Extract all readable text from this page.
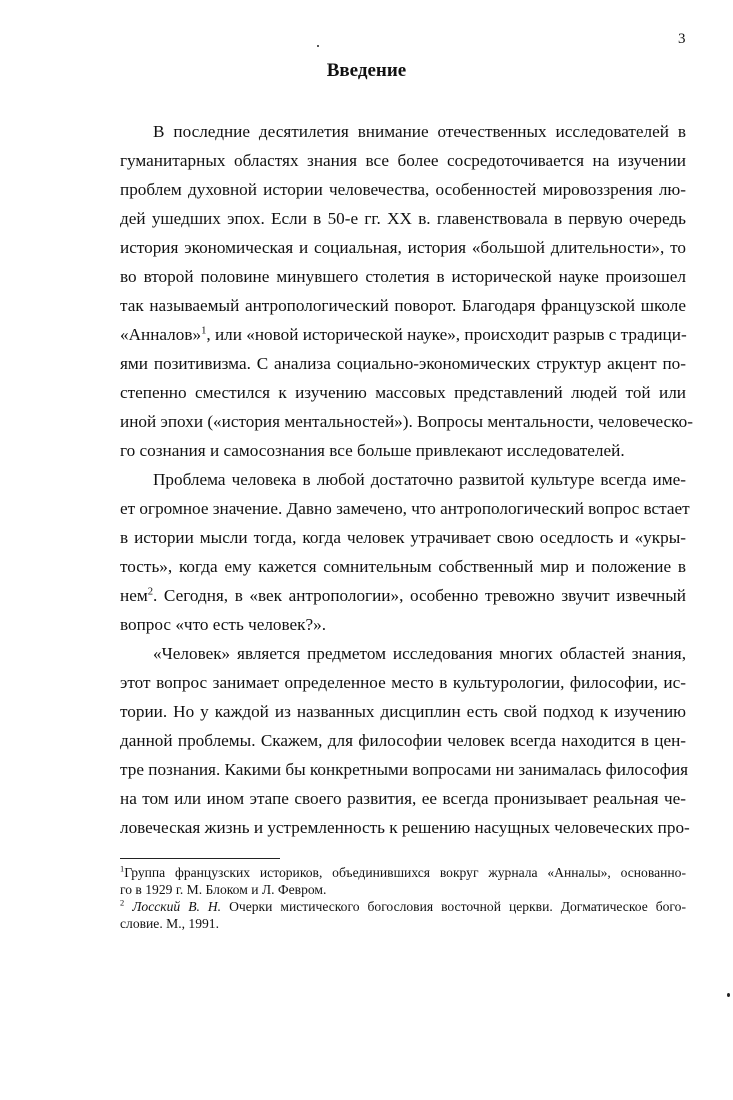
3
Введение
В последние десятилетия внимание отечественных исследователей в
гуманитарных областях знания все более сосредоточивается на изучении
проблем духовной истории человечества, особенностей мировоззрения лю-
дей ушедших эпох. Если в 50-е гг. XX в. главенствовала в первую очередь
история экономическая и социальная, история «большой длительности», то
во второй половине минувшего столетия в исторической науке произошел
так называемый антропологический поворот. Благодаря французской школе
«Анналов»$^1$, или «новой исторической науке», происходит разрыв с традици-
ями позитивизма. С анализа социально-экономических структур акцент по-
степенно сместился к изучению массовых представлений людей той или
иной эпохи («история ментальностей»). Вопросы ментальности, человеческо-
го сознания и самосознания все больше привлекают исследователей.
Проблема человека в любой достаточно развитой культуре всегда име-
ет огромное значение. Давно замечено, что антропологический вопрос встает
в истории мысли тогда, когда человек утрачивает свою оседлость и «укры-
тость», когда ему кажется сомнительным собственный мир и положение в
нем$^2$. Сегодня, в «век антропологии», особенно тревожно звучит извечный
вопрос «что есть человек?».
«Человек» является предметом исследования многих областей знания,
этот вопрос занимает определенное место в культурологии, философии, ис-
тории. Но у каждой из названных дисциплин есть свой подход к изучению
данной проблемы. Скажем, для философии человек всегда находится в цен-
тре познания. Какими бы конкретными вопросами ни занималась философия
на том или ином этапе своего развития, ее всегда пронизывает реальная че-
ловеческая жизнь и устремленность к решению насущных человеческих про-
$^1$Группа французских историков, объединившихся вокруг журнала «Анналы», основанно-
го в 1929 г. М. Блоком и Л. Февром.
$^2$ Лосский В. Н. Очерки мистического богословия восточной церкви. Догматическое бого-
словие. М., 1991.
